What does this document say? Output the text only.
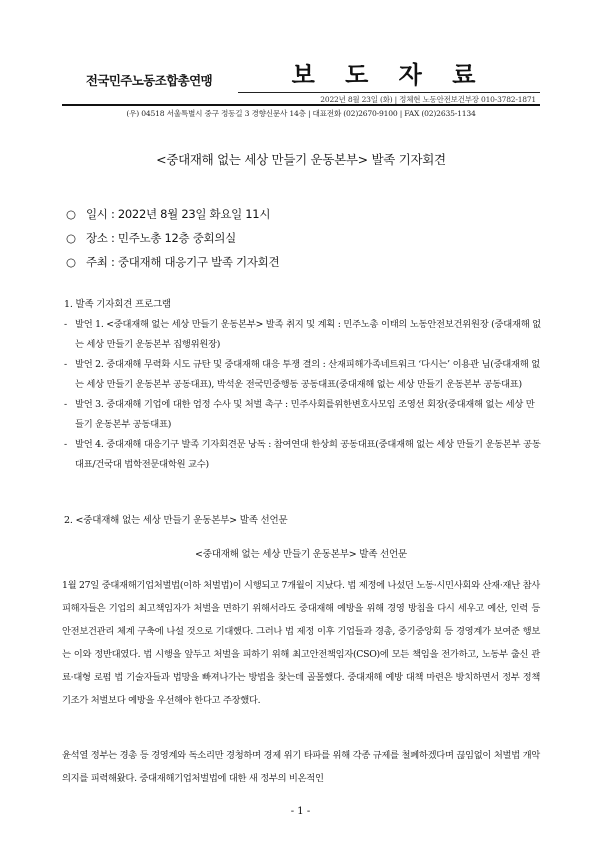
전국민주노동조합총연맹	보 도 자 료
2022년 8월 23일 (화) | 정체현 노동안전보건부장 010-3782-1871
(우) 04518 서울특별시 중구 정동길 3 경향신문사 14층 | 대표전화 (02)2670-9100 | FAX (02)2635-1134
<중대재해 없는 세상 만들기 운동본부> 발족 기자회견
○ 일시 : 2022년 8월 23일 화요일 11시
○ 장소 : 민주노총 12층 중회의실
○ 주최 : 중대재해 대응기구 발족 기자회견
1. 발족 기자회견 프로그램
- 발언 1. <중대재해 없는 세상 만들기 운동본부> 발족 취지 및 계획 : 민주노총 이태의 노동안전보건위원장 (중대재해 없는 세상 만들기 운동본부 집행위원장)
- 발언 2. 중대재해 무력화 시도 규탄 및 중대재해 대응 투쟁 결의 : 산재피해가족네트워크 ‘다시는’ 이용관 님(중대재해 없는 세상 만들기 운동본부 공동대표), 박석운 전국민중행동 공동대표(중대재해 없는 세상 만들기 운동본부 공동대표)
- 발언 3. 중대재해 기업에 대한 엄정 수사 및 처벌 촉구 : 민주사회를위한변호사모임 조영선 회장(중대재해 없는 세상 만들기 운동본부 공동대표)
- 발언 4. 중대재해 대응기구 발족 기자회견문 낭독 : 참여연대 한상희 공동대표(중대재해 없는 세상 만들기 운동본부 공동대표/건국대 법학전문대학원 교수)
2. <중대재해 없는 세상 만들기 운동본부> 발족 선언문
<중대재해 없는 세상 만들기 운동본부> 발족 선언문
1월 27일 중대재해기업처벌법(이하 처벌법)이 시행되고 7개월이 지났다. 법 제정에 나섰던 노동·시민사회와 산재·재난 참사 피해자들은 기업의 최고책임자가 처벌을 면하기 위해서라도 중대재해 예방을 위해 경영 방침을 다시 세우고 예산, 인력 등 안전보건관리 체계 구축에 나설 것으로 기대했다. 그러나 법 제정 이후 기업들과 경총, 중기중앙회 등 경영계가 보여준 행보는 이와 정반대였다. 법 시행을 앞두고 처벌을 피하기 위해 최고안전책임자(CSO)에 모든 책임을 전가하고, 노동부 출신 관료·대형 로펌 법 기술자들과 법망을 빠져나가는 방법을 찾는데 골몰했다. 중대재해 예방 대책 마련은 방치하면서 정부 정책 기조가 처벌보다 예방을 우선해야 한다고 주장했다.
윤석열 정부는 경총 등 경영계와 독소리만 경청하며 경제 위기 타파를 위해 각종 규제를 철폐하겠다며 끊임없이 처벌법 개악 의지를 피력해왔다. 중대재해기업처벌법에 대한 새 정부의 비온적인
- 1 -
